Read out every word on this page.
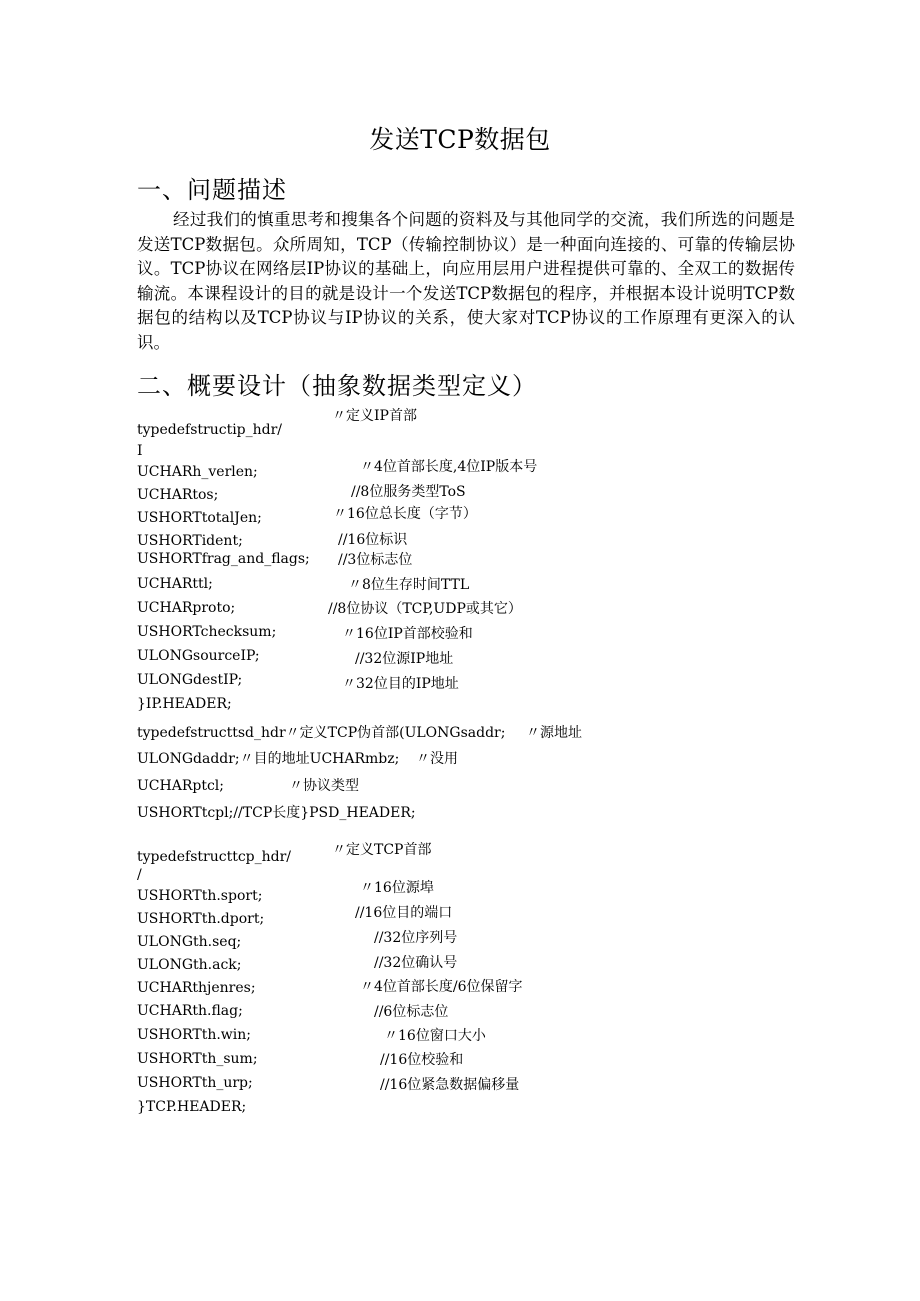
发送TCP数据包
一、问题描述
经过我们的慎重思考和搜集各个问题的资料及与其他同学的交流，我们所选的问题是发送TCP数据包。众所周知，TCP（传输控制协议）是一种面向连接的、可靠的传输层协议。TCP协议在网络层IP协议的基础上，向应用层用户进程提供可靠的、全双工的数据传输流。本课程设计的目的就是设计一个发送TCP数据包的程序，并根据本设计说明TCP数据包的结构以及TCP协议与IP协议的关系，使大家对TCP协议的工作原理有更深入的认识。
二、概要设计（抽象数据类型定义）
〃定义IP首部
typedefstructip_hdr/
I
UCHARh_verlen;	〃4位首部长度,4位IP版本号
UCHARtos;	//8位服务类型ToS
USHORTtotalJen;	〃16位总长度（字节）
USHORTident;	//16位标识
USHORTfrag_and_flags; //3位标志位
UCHARttl;	〃8位生存时间TTL
UCHARproto;	//8位协议（TCP,UDP或其它）
USHORTchecksum;	〃16位IP首部校验和
ULONGsourceIP;	//32位源IP地址
ULONGdestIP;	〃32位目的IP地址
}IP.HEADER;
typedefstructtsd_hdr〃定义TCP伪首部(ULONGsaddr; 〃源地址
ULONGdaddr;〃目的地址UCHARmbz; 〃没用
UCHARptcl;	〃协议类型
USHORTtcpl;//TCP长度}PSD_HEADER;
〃定义TCP首部
typedefstructtcp_hdr/
/
USHORTth.sport;	〃16位源埠
USHORTth.dport;	//16位目的端口
ULONGth.seq;	//32位序列号
ULONGth.ack;	//32位确认号
UCHARthjenres;	〃4位首部长度/6位保留字
UCHARth.flag;	//6位标志位
USHORTth.win;	〃16位窗口大小
USHORTth_sum;	//16位校验和
USHORTth_urp;	//16位紧急数据偏移量
}TCP.HEADER;
